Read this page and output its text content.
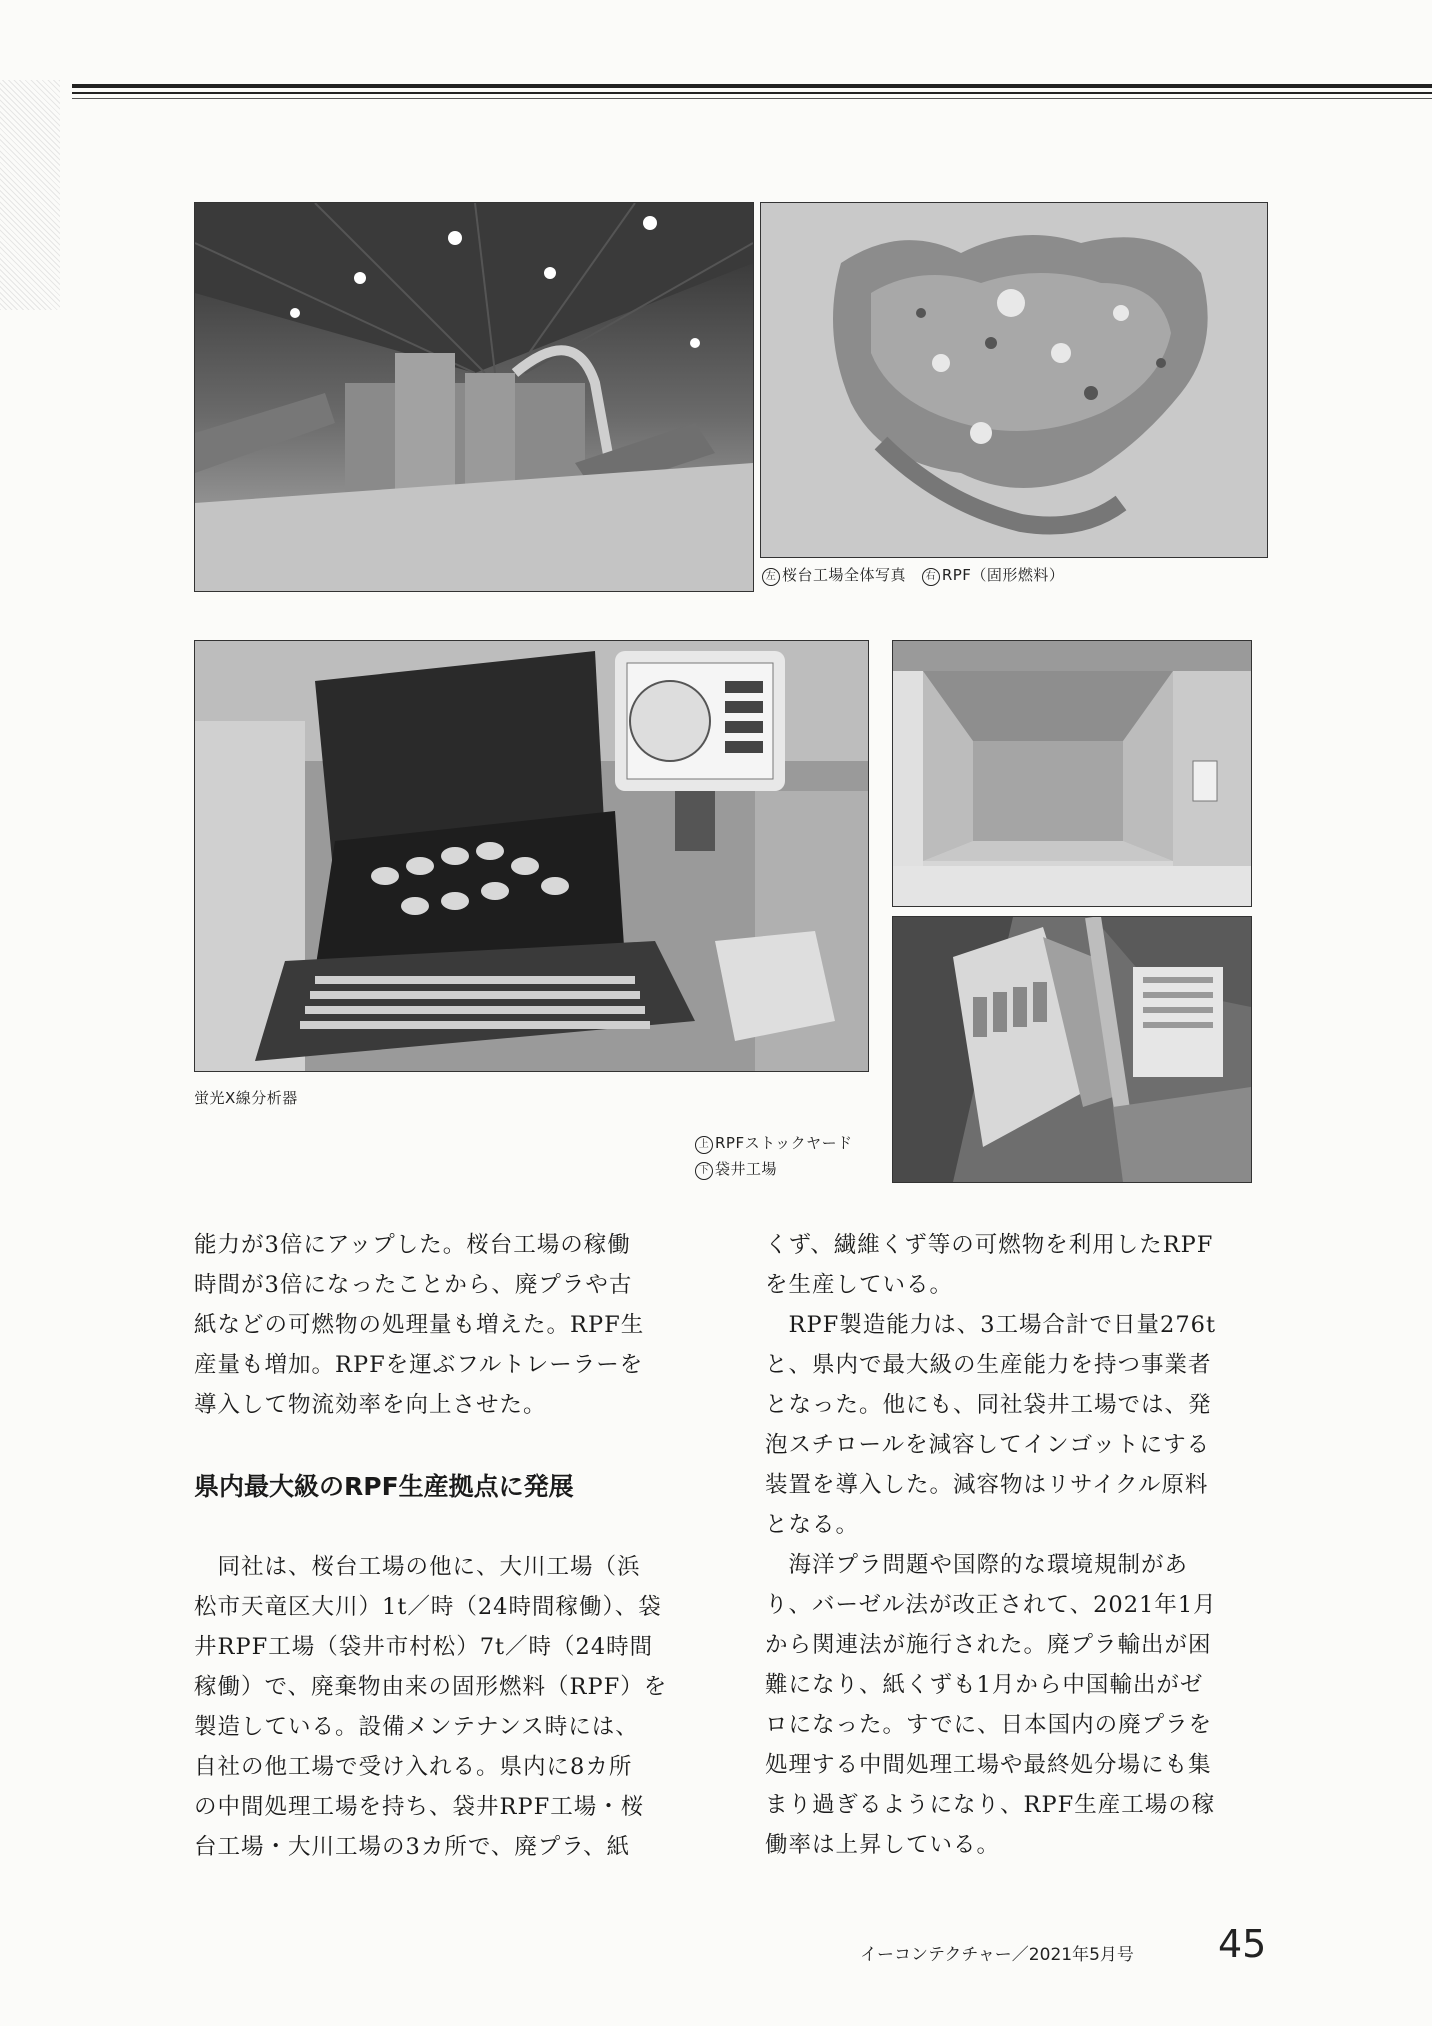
左 桜台工場全体写真 右 RPF（固形燃料）
蛍光X線分析器
上 RPFストックヤード
下 袋井工場

能力が3倍にアップした。桜台工場の稼働

時間が3倍になったことから、廃プラや古

紙などの可燃物の処理量も増えた。RPF生

産量も増加。RPFを運ぶフルトレーラーを

導入して物流効率を向上させた。

県内最大級のRPF生産拠点に発展

　同社は、桜台工場の他に、大川工場（浜

松市天竜区大川）1t／時（24時間稼働）、袋

井RPF工場（袋井市村松）7t／時（24時間

稼働）で、廃棄物由来の固形燃料（RPF）を

製造している。設備メンテナンス時には、

自社の他工場で受け入れる。県内に8カ所

の中間処理工場を持ち、袋井RPF工場・桜

台工場・大川工場の3カ所で、廃プラ、紙

くず、繊維くず等の可燃物を利用したRPF

を生産している。

　RPF製造能力は、3工場合計で日量276t

と、県内で最大級の生産能力を持つ事業者

となった。他にも、同社袋井工場では、発

泡スチロールを減容してインゴットにする

装置を導入した。減容物はリサイクル原料

となる。

　海洋プラ問題や国際的な環境規制があ

り、バーゼル法が改正されて、2021年1月

から関連法が施行された。廃プラ輸出が困

難になり、紙くずも1月から中国輸出がゼ

ロになった。すでに、日本国内の廃プラを

処理する中間処理工場や最終処分場にも集

まり過ぎるようになり、RPF生産工場の稼

働率は上昇している。

イーコンテクチャー／2021年5月号 45
